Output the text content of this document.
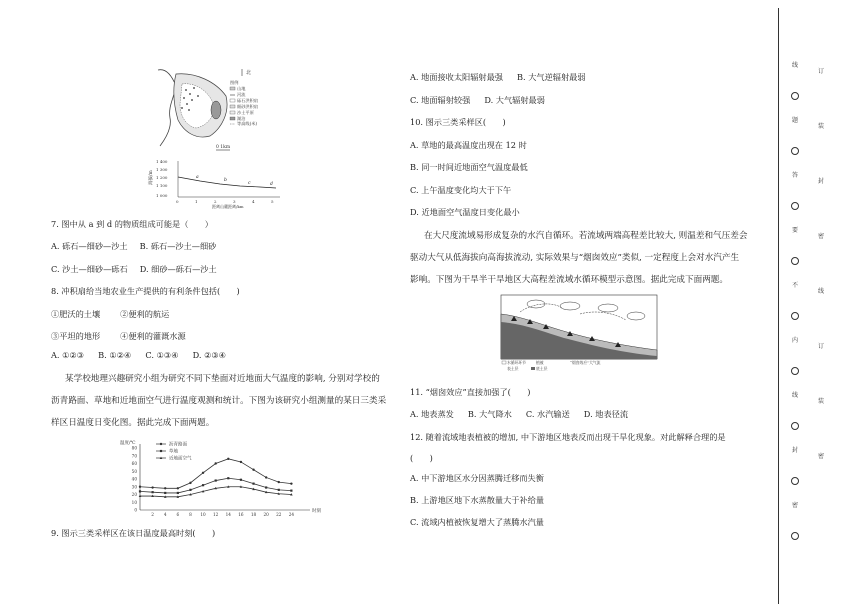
北
图例
山地
河流
砾石洪积扇
细砂洪积扇
沙土平原
湖泊
等高线(米)
0 1km
海拔/m
1 400
1 300
1 200
1 100
1 000
0	1	2	3	4	5
距离山麓距离/km
a
b
c	d
7. 图中从 a 到 d 的物质组成可能是（　　）
A. 砾石—细砂—沙土 B. 砾石—沙土—细砂
C. 沙土—细砂—砾石 D. 细砂—砾石—沙土
8. 冲积扇给当地农业生产提供的有利条件包括(　　)
①肥沃的土壤 ②便利的航运
③平坦的地形 ④便利的灌溉水源
A. ①②③ B. ①②④ C. ①③④ D. ②③④
某学校地理兴趣研究小组为研究不同下垫面对近地面大气温度的影响, 分别对学校的
沥青路面、草地和近地面空气进行温度观测和统计。下图为该研究小组测量的某日三类采
样区日温度日变化图。据此完成下面两题。
温度/℃
时刻
0
10
20
30
40
50
60
70
80
2 4 6 8 10 12 14 16 18 20 22 24
沥青路面
草地
近地面空气
9. 图示三类采样区在该日温度最高时刻(　　)
A. 地面接收太阳辐射最强 B. 大气逆辐射最弱
C. 地面辐射较强 D. 大气辐射最弱
10. 图示三类采样区(　　)
A. 草地的最高温度出现在 12 时
B. 同一时间近地面空气温度最低
C. 上午温度变化均大于下午
D. 近地面空气温度日变化最小
在大尺度流域易形成复杂的水汽自循环。若流域两端高程差比较大, 则温差和气压差会
驱动大气从低海拔向高海拔流动, 实际效果与“烟囱效应”类似, 一定程度上会对水汽产生
影响。下图为干旱半干旱地区大高程差流域水循环模型示意图。据此完成下面两题。
水循环环节	植被	“烟囱效应”大气流
表土层	底土层
11. “烟囱效应”直接加强了(　　)
A. 地表蒸发 B. 大气降水 C. 水汽输送 D. 地表径流
12. 随着流域地表植被的增加, 中下游地区地表反而出现干旱化现象。对此解释合理的是
(　　)
A. 中下游地区水分因蒸腾迁移而失衡
B. 上游地区地下水蒸散量大于补给量
C. 流域内植被恢复增大了蒸腾水汽量
线
订
题
装
答
封
要
密
不
线
内
订
线
装
封
密
密
